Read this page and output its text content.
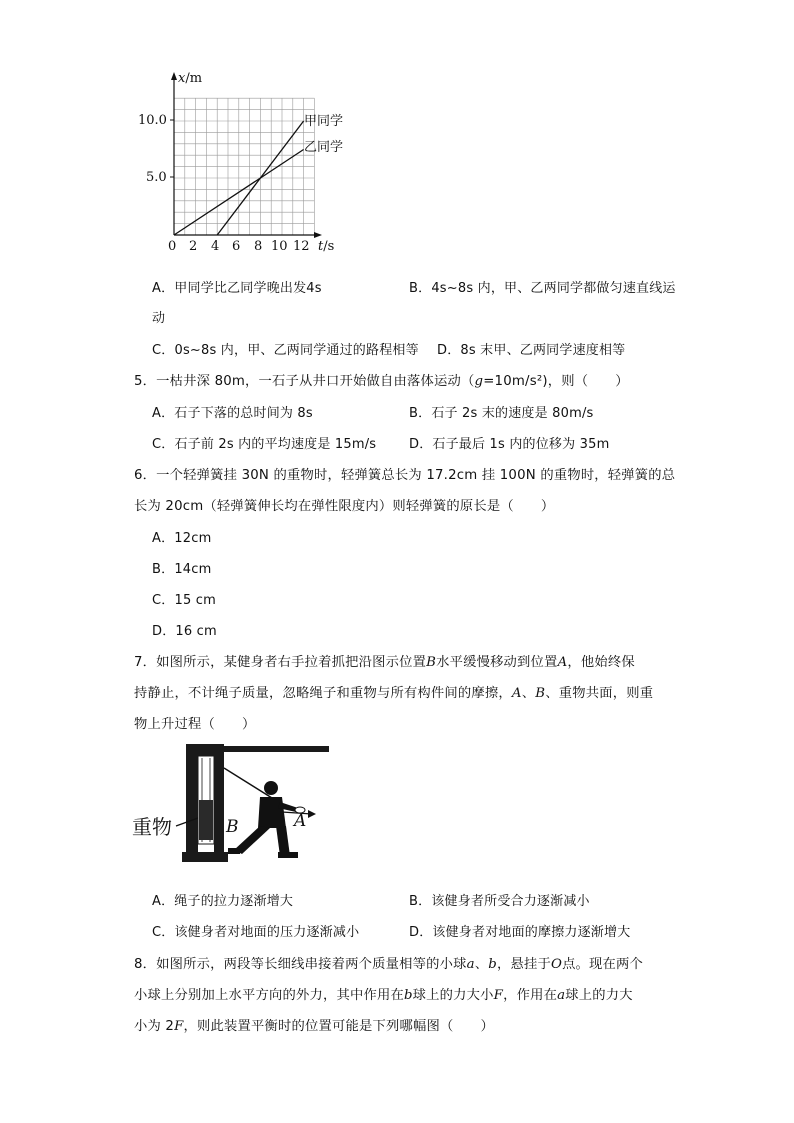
x/m
10.0
5.0
0 2 4 6 8 10 12 t/s
甲同学
乙同学
A．甲同学比乙同学晚出发4s	B．4s~8s 内，甲、乙两同学都做匀速直线运
动
C．0s~8s 内，甲、乙两同学通过的路程相等 D．8s 末甲、乙两同学速度相等
5．一枯井深 80m，一石子从井口开始做自由落体运动（g=10m/s²)，则（　　）
A．石子下落的总时间为 8s	B．石子 2s 末的速度是 80m/s
C．石子前 2s 内的平均速度是 15m/s	D．石子最后 1s 内的位移为 35m
6．一个轻弹簧挂 30N 的重物时，轻弹簧总长为 17.2cm 挂 100N 的重物时，轻弹簧的总
长为 20cm（轻弹簧伸长均在弹性限度内）则轻弹簧的原长是（　　）
A．12cm
B．14cm
C．15 cm
D．16 cm
7．如图所示，某健身者右手拉着抓把沿图示位置B水平缓慢移动到位置A，他始终保
持静止，不计绳子质量，忽略绳子和重物与所有构件间的摩擦，A、B、重物共面，则重
物上升过程（　　）
重物	B	A
A．绳子的拉力逐渐增大	B．该健身者所受合力逐渐减小
C．该健身者对地面的压力逐渐减小	D．该健身者对地面的摩擦力逐渐增大
8．如图所示，两段等长细线串接着两个质量相等的小球a、b，悬挂于O点。现在两个
小球上分别加上水平方向的外力，其中作用在b球上的力大小F，作用在a球上的力大
小为 2F，则此装置平衡时的位置可能是下列哪幅图（　　）
